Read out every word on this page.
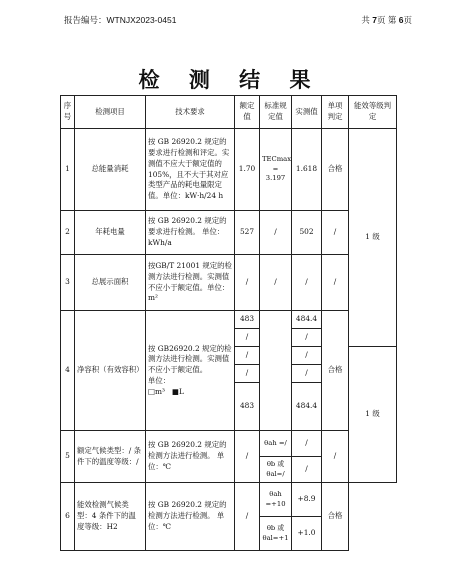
报告编号：WTNJX2023-0451	共 7页 第 6页
检 测 结 果
序号	检测项目	技术要求	额定值	标准规定值	实测值	单项判定	能效等级判定
1	总能量消耗	按 GB 26920.2 规定的要求进行检测和评定。实测值不应大于额定值的 105%，且不大于其对应类型产品的耗电量限定值。单位：kW·h/24 h	1.70	TECmax = 3.197	1.618	合格	1 级
2	年耗电量	按 GB 26920.2 规定的要求进行检测。 单位：kWh/a	527	/	502	/	
3	总展示面积	按GB/T 21001 规定的检测方法进行检测。实测值不应小于额定值。单位：m²	/	/	/	/	
4	净容积（有效容积）	按 GB26920.2 规定的检测方法进行检测。实测值不应小于额定值。
单位：
□m³ ■L	483		484.4	合格	
			/		/		
			/		/		1 级
			/		/		
			483		484.4		
5	额定气候类型：/ 条件下的温度等级：/	按 GB 26920.2 规定的检测方法进行检测。 单位：℃	/	θah =/	/	/	
				θb 或 θal=/	/		
6	能效检测气候类型：4 条件下的温度等级：H2	按 GB 26920.2 规定的检测方法进行检测。 单位：℃	/	θah =+10	+8.9	合格	
				θb 或 θal=+1	+1.0		
